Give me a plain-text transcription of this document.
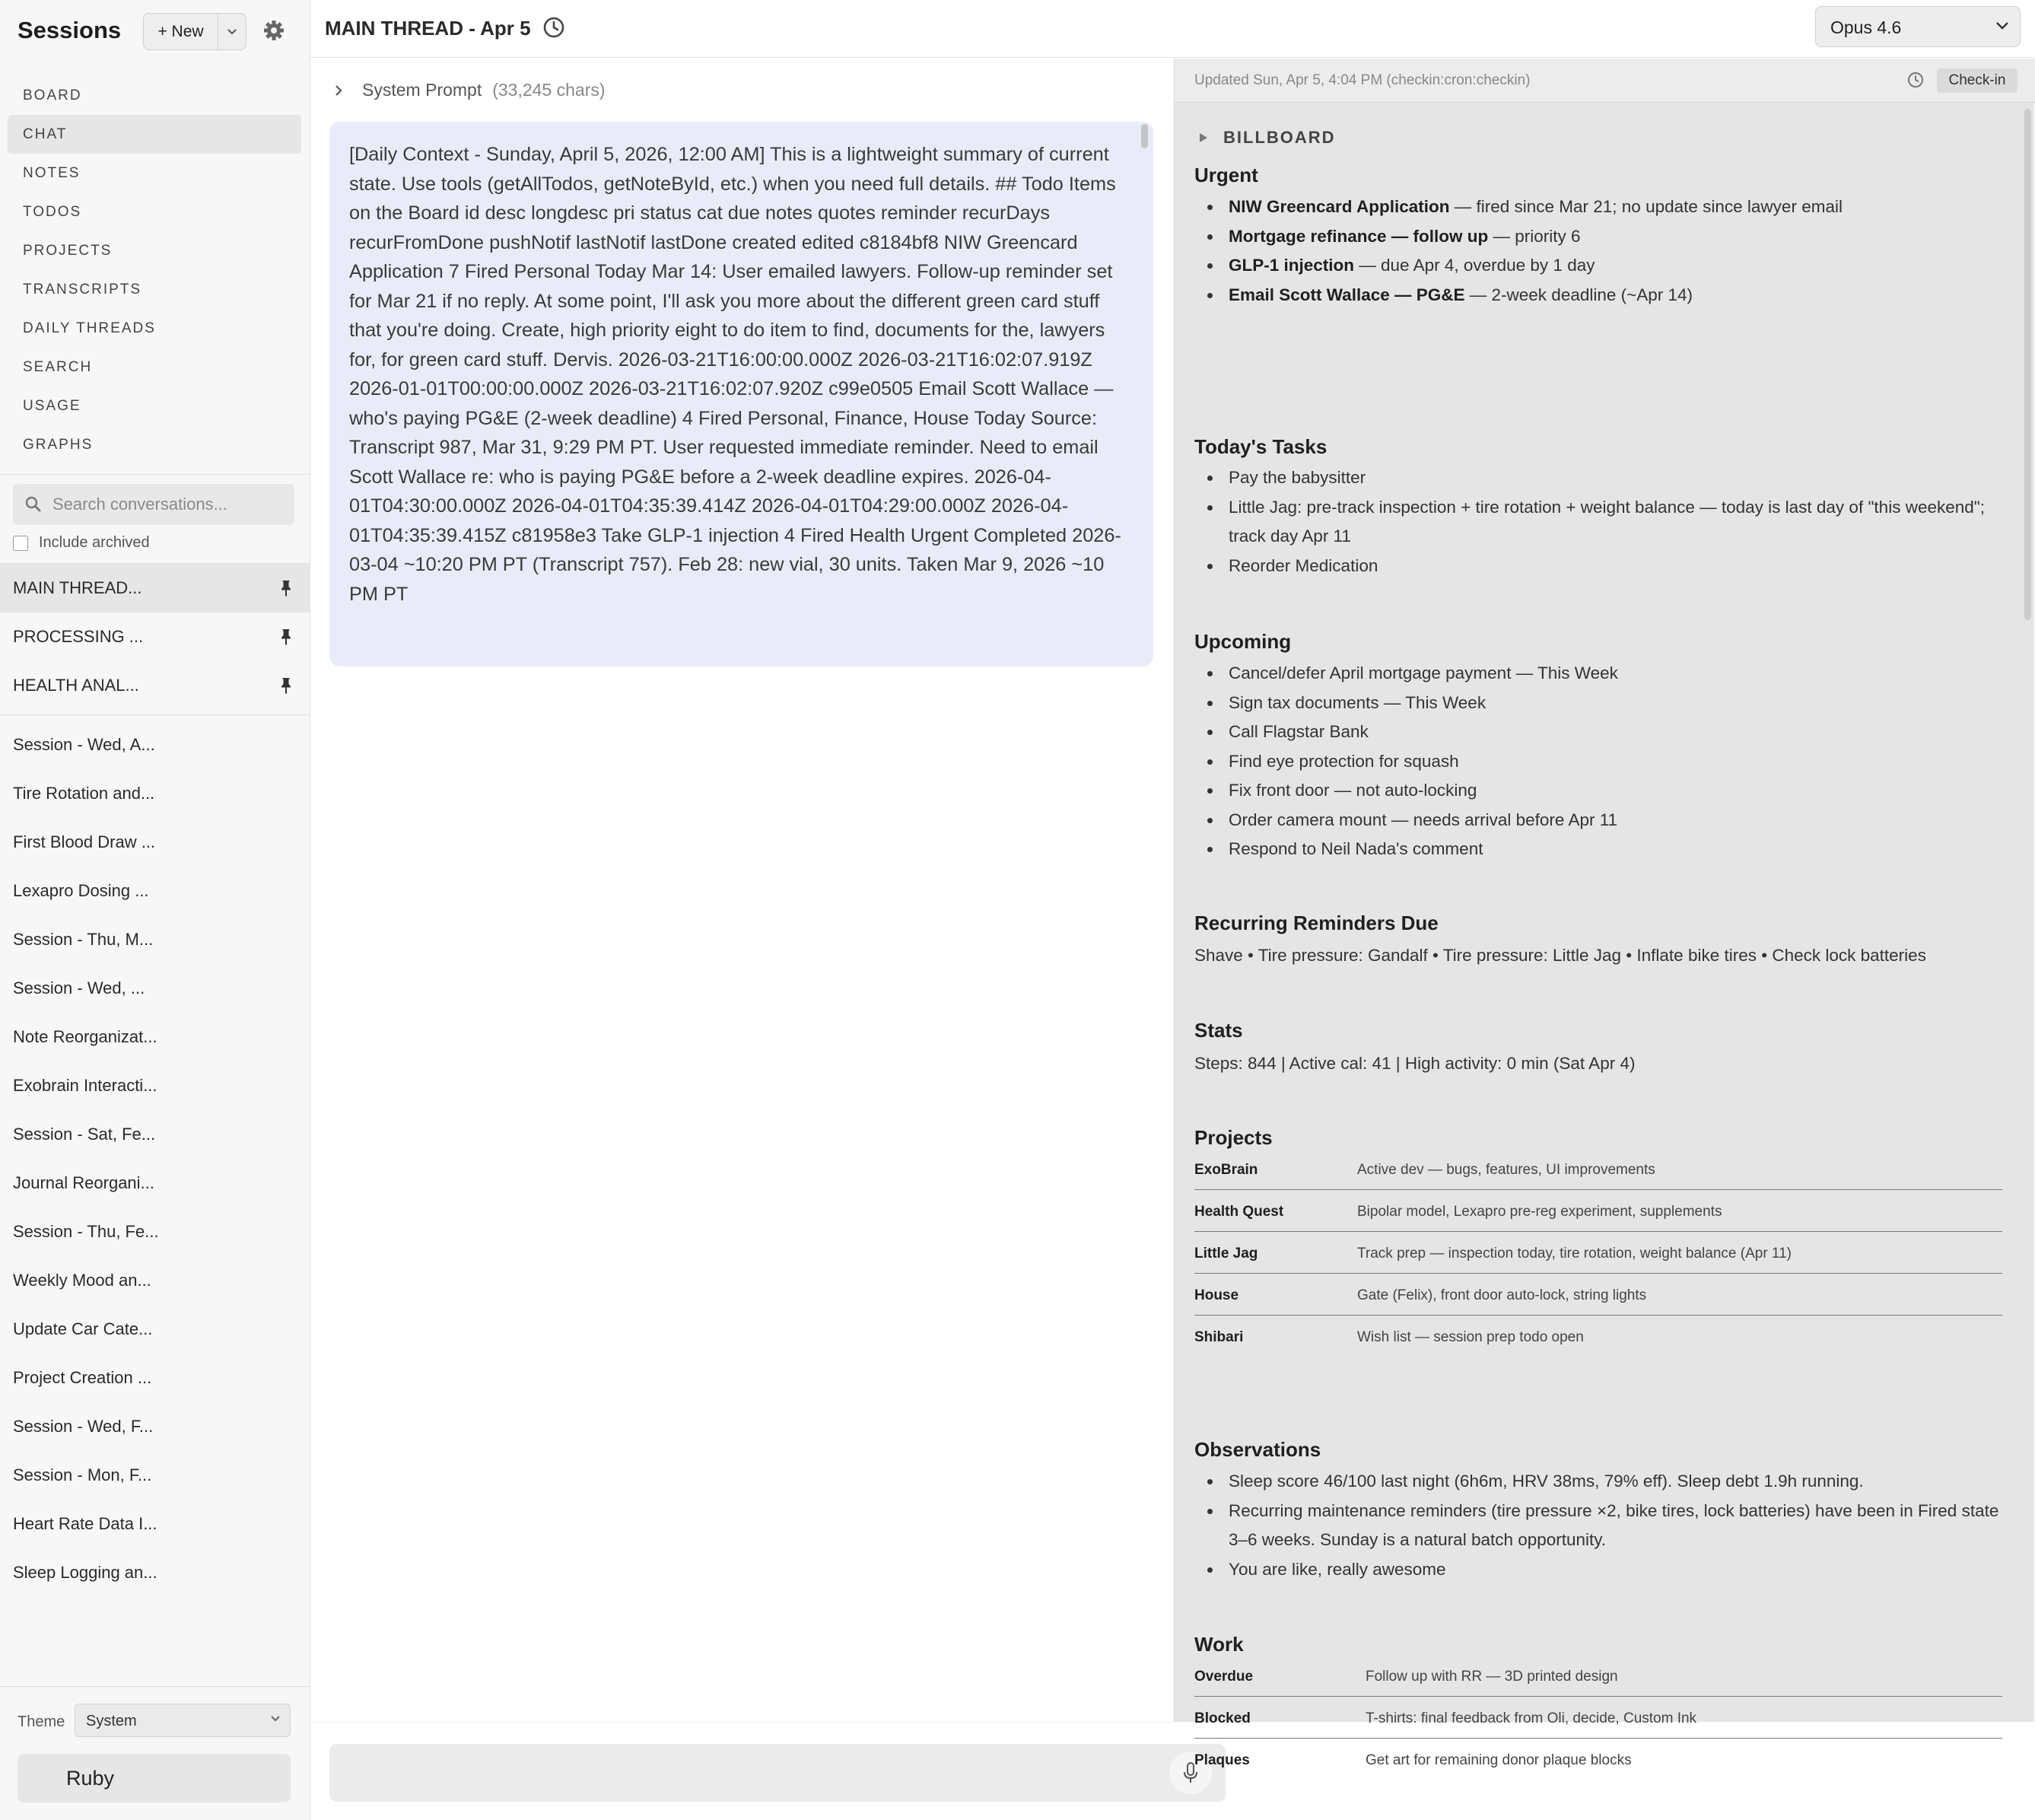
Sessions	+ New
BOARD
CHAT
NOTES
TODOS
PROJECTS
TRANSCRIPTS
DAILY THREADS
SEARCH
USAGE
GRAPHS
Search conversations...
Include archived
MAIN THREAD...
PROCESSING ...
HEALTH ANAL...
Session - Wed, A...
Tire Rotation and...
First Blood Draw ...
Lexapro Dosing ...
Session - Thu, M...
Session - Wed, ...
Note Reorganizat...
Exobrain Interacti...
Session - Sat, Fe...
Journal Reorgani...
Session - Thu, Fe...
Weekly Mood an...
Update Car Cate...
Project Creation ...
Session - Wed, F...
Session - Mon, F...
Heart Rate Data I...
Sleep Logging an...
Theme	System
Ruby
MAIN THREAD - Apr 5	Opus 4.6
System Prompt (33,245 chars)
[Daily Context - Sunday, April 5, 2026, 12:00 AM] This is a lightweight summary of current state. Use tools (getAllTodos, getNoteById, etc.) when you need full details. ## Todo Items on the Board id desc longdesc pri status cat due notes quotes reminder recurDays recurFromDone pushNotif lastNotif lastDone created edited c8184bf8 NIW Greencard Application 7 Fired Personal Today Mar 14: User emailed lawyers. Follow-up reminder set for Mar 21 if no reply. At some point, I'll ask you more about the different green card stuff that you're doing. Create, high priority eight to do item to find, documents for the, lawyers for, for green card stuff. Dervis. 2026-03-21T16:00:00.000Z 2026-03-21T16:02:07.919Z 2026-01-01T00:00:00.000Z 2026-03-21T16:02:07.920Z c99e0505 Email Scott Wallace — who's paying PG&E (2-week deadline) 4 Fired Personal, Finance, House Today Source: Transcript 987, Mar 31, 9:29 PM PT. User requested immediate reminder. Need to email Scott Wallace re: who is paying PG&E before a 2-week deadline expires. 2026-04-01T04:30:00.000Z 2026-04-01T04:35:39.414Z 2026-04-01T04:29:00.000Z 2026-04-01T04:35:39.415Z c81958e3 Take GLP-1 injection 4 Fired Health Urgent Completed 2026-03-04 ~10:20 PM PT (Transcript 757). Feb 28: new vial, 30 units. Taken Mar 9, 2026 ~10 PM PT
Updated Sun, Apr 5, 4:04 PM (checkin:cron:checkin)	Check-in
BILLBOARD
Urgent
NIW Greencard Application — fired since Mar 21; no update since lawyer email
Mortgage refinance — follow up — priority 6
GLP-1 injection — due Apr 4, overdue by 1 day
Email Scott Wallace — PG&E — 2-week deadline (~Apr 14)
Today's Tasks
Pay the babysitter
Little Jag: pre-track inspection + tire rotation + weight balance — today is last day of "this weekend"; track day Apr 11
Reorder Medication
Upcoming
Cancel/defer April mortgage payment — This Week
Sign tax documents — This Week
Call Flagstar Bank
Find eye protection for squash
Fix front door — not auto-locking
Order camera mount — needs arrival before Apr 11
Respond to Neil Nada's comment
Recurring Reminders Due
Shave • Tire pressure: Gandalf • Tire pressure: Little Jag • Inflate bike tires • Check lock batteries
Stats
Steps: 844 | Active cal: 41 | High activity: 0 min (Sat Apr 4)
Projects
ExoBrain	Active dev — bugs, features, UI improvements
Health Quest	Bipolar model, Lexapro pre-reg experiment, supplements
Little Jag	Track prep — inspection today, tire rotation, weight balance (Apr 11)
House	Gate (Felix), front door auto-lock, string lights
Shibari	Wish list — session prep todo open
Observations
Sleep score 46/100 last night (6h6m, HRV 38ms, 79% eff). Sleep debt 1.9h running.
Recurring maintenance reminders (tire pressure ×2, bike tires, lock batteries) have been in Fired state 3–6 weeks. Sunday is a natural batch opportunity.
You are like, really awesome
Work
Overdue	Follow up with RR — 3D printed design
Blocked	T-shirts: final feedback from Oli, decide, Custom Ink
Plaques	Get art for remaining donor plaque blocks
